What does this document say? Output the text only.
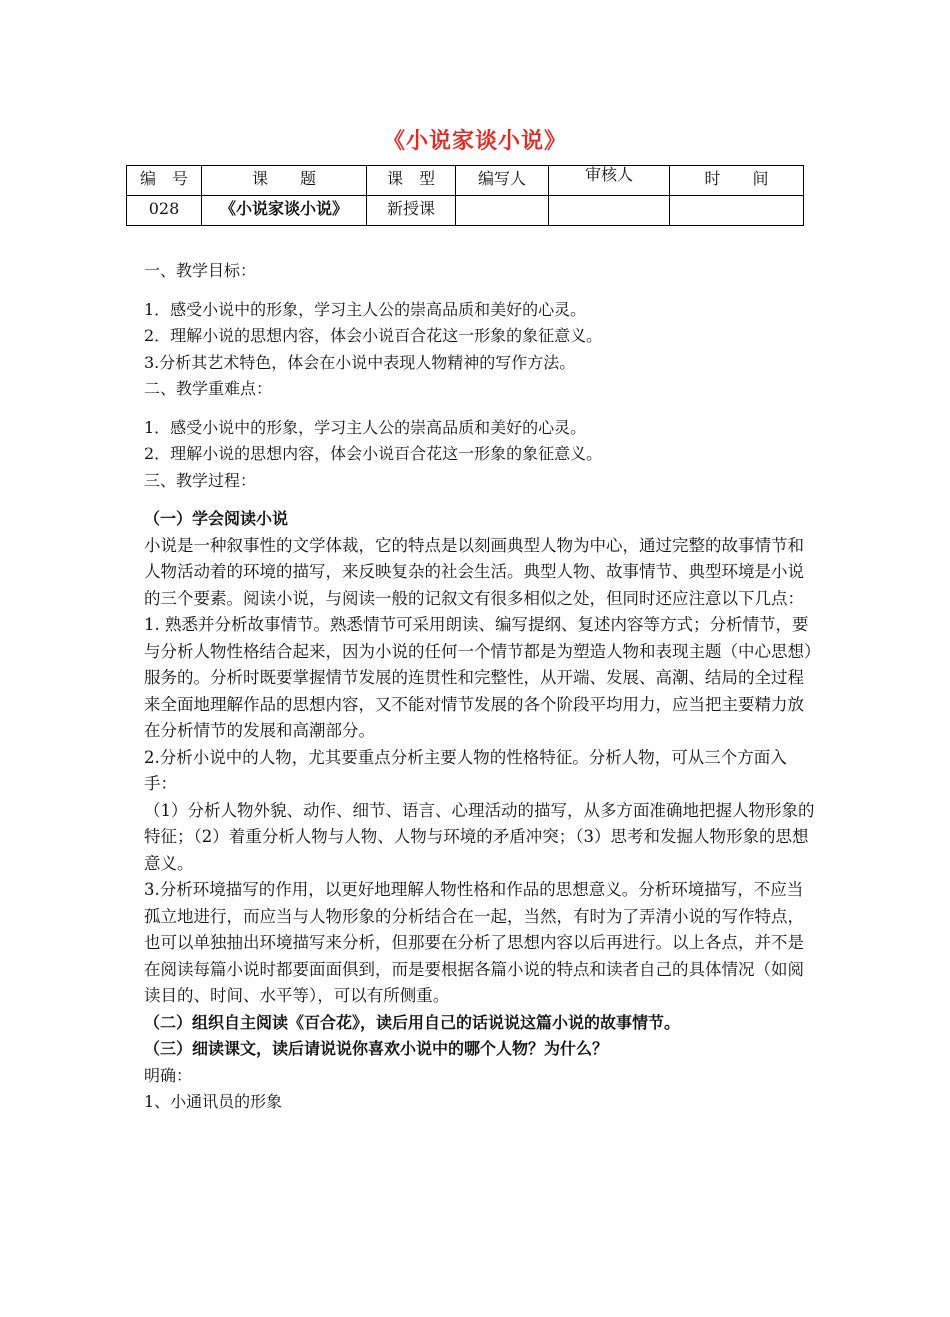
《小说家谈小说》
编　号	课　　题	课　型	编写人	审核人	时　　间
028	《小说家谈小说》	新授课			
一、教学目标：
1．感受小说中的形象，学习主人公的崇高品质和美好的心灵。
2．理解小说的思想内容，体会小说百合花这一形象的象征意义。
3.分析其艺术特色，体会在小说中表现人物精神的写作方法。
二、教学重难点：
1．感受小说中的形象，学习主人公的崇高品质和美好的心灵。
2．理解小说的思想内容，体会小说百合花这一形象的象征意义。
三、教学过程：
（一）学会阅读小说
小说是一种叙事性的文学体裁，它的特点是以刻画典型人物为中心，通过完整的故事情节和人物活动着的环境的描写，来反映复杂的社会生活。典型人物、故事情节、典型环境是小说的三个要素。阅读小说，与阅读一般的记叙文有很多相似之处，但同时还应注意以下几点：
1. 熟悉并分析故事情节。熟悉情节可采用朗读、编写提纲、复述内容等方式；分析情节，要与分析人物性格结合起来，因为小说的任何一个情节都是为塑造人物和表现主题（中心思想）服务的。分析时既要掌握情节发展的连贯性和完整性，从开端、发展、高潮、结局的全过程来全面地理解作品的思想内容，又不能对情节发展的各个阶段平均用力，应当把主要精力放在分析情节的发展和高潮部分。
2.分析小说中的人物，尤其要重点分析主要人物的性格特征。分析人物，可从三个方面入手：
（1）分析人物外貌、动作、细节、语言、心理活动的描写，从多方面准确地把握人物形象的特征；（2）着重分析人物与人物、人物与环境的矛盾冲突；（3）思考和发掘人物形象的思想意义。
3.分析环境描写的作用，以更好地理解人物性格和作品的思想意义。分析环境描写，不应当孤立地进行，而应当与人物形象的分析结合在一起，当然，有时为了弄清小说的写作特点，也可以单独抽出环境描写来分析，但那要在分析了思想内容以后再进行。以上各点，并不是在阅读每篇小说时都要面面俱到，而是要根据各篇小说的特点和读者自己的具体情况（如阅读目的、时间、水平等），可以有所侧重。
（二）组织自主阅读《百合花》，读后用自己的话说说这篇小说的故事情节。
（三）细读课文，读后请说说你喜欢小说中的哪个人物？为什么？
明确：
1、小通讯员的形象
